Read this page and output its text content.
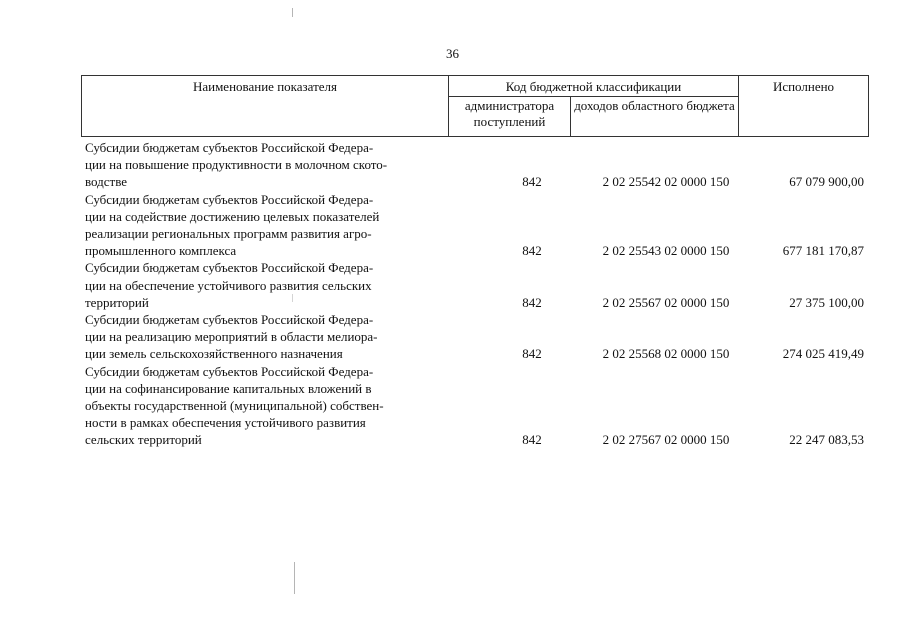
36
Наименование показателя	Код бюджетной классификации		Исполнено
	администратора поступлений	доходов областного бюджета	
Субсидии бюджетам субъектов Российской Федера-
ции на повышение продуктивности в молочном ското-
водстве	842	2 02 25542 02 0000 150	67 079 900,00
Субсидии бюджетам субъектов Российской Федера-
ции на содействие достижению целевых показателей
реализации региональных программ развития агро-
промышленного комплекса	842	2 02 25543 02 0000 150	677 181 170,87
Субсидии бюджетам субъектов Российской Федера-
ции на обеспечение устойчивого развития сельских
территорий	842	2 02 25567 02 0000 150	27 375 100,00
Субсидии бюджетам субъектов Российской Федера-
ции на реализацию мероприятий в области мелиора-
ции земель сельскохозяйственного назначения	842	2 02 25568 02 0000 150	274 025 419,49
Субсидии бюджетам субъектов Российской Федера-
ции на софинансирование капитальных вложений в
объекты государственной (муниципальной) собствен-
ности в рамках обеспечения устойчивого развития
сельских территорий	842	2 02 27567 02 0000 150	22 247 083,53
